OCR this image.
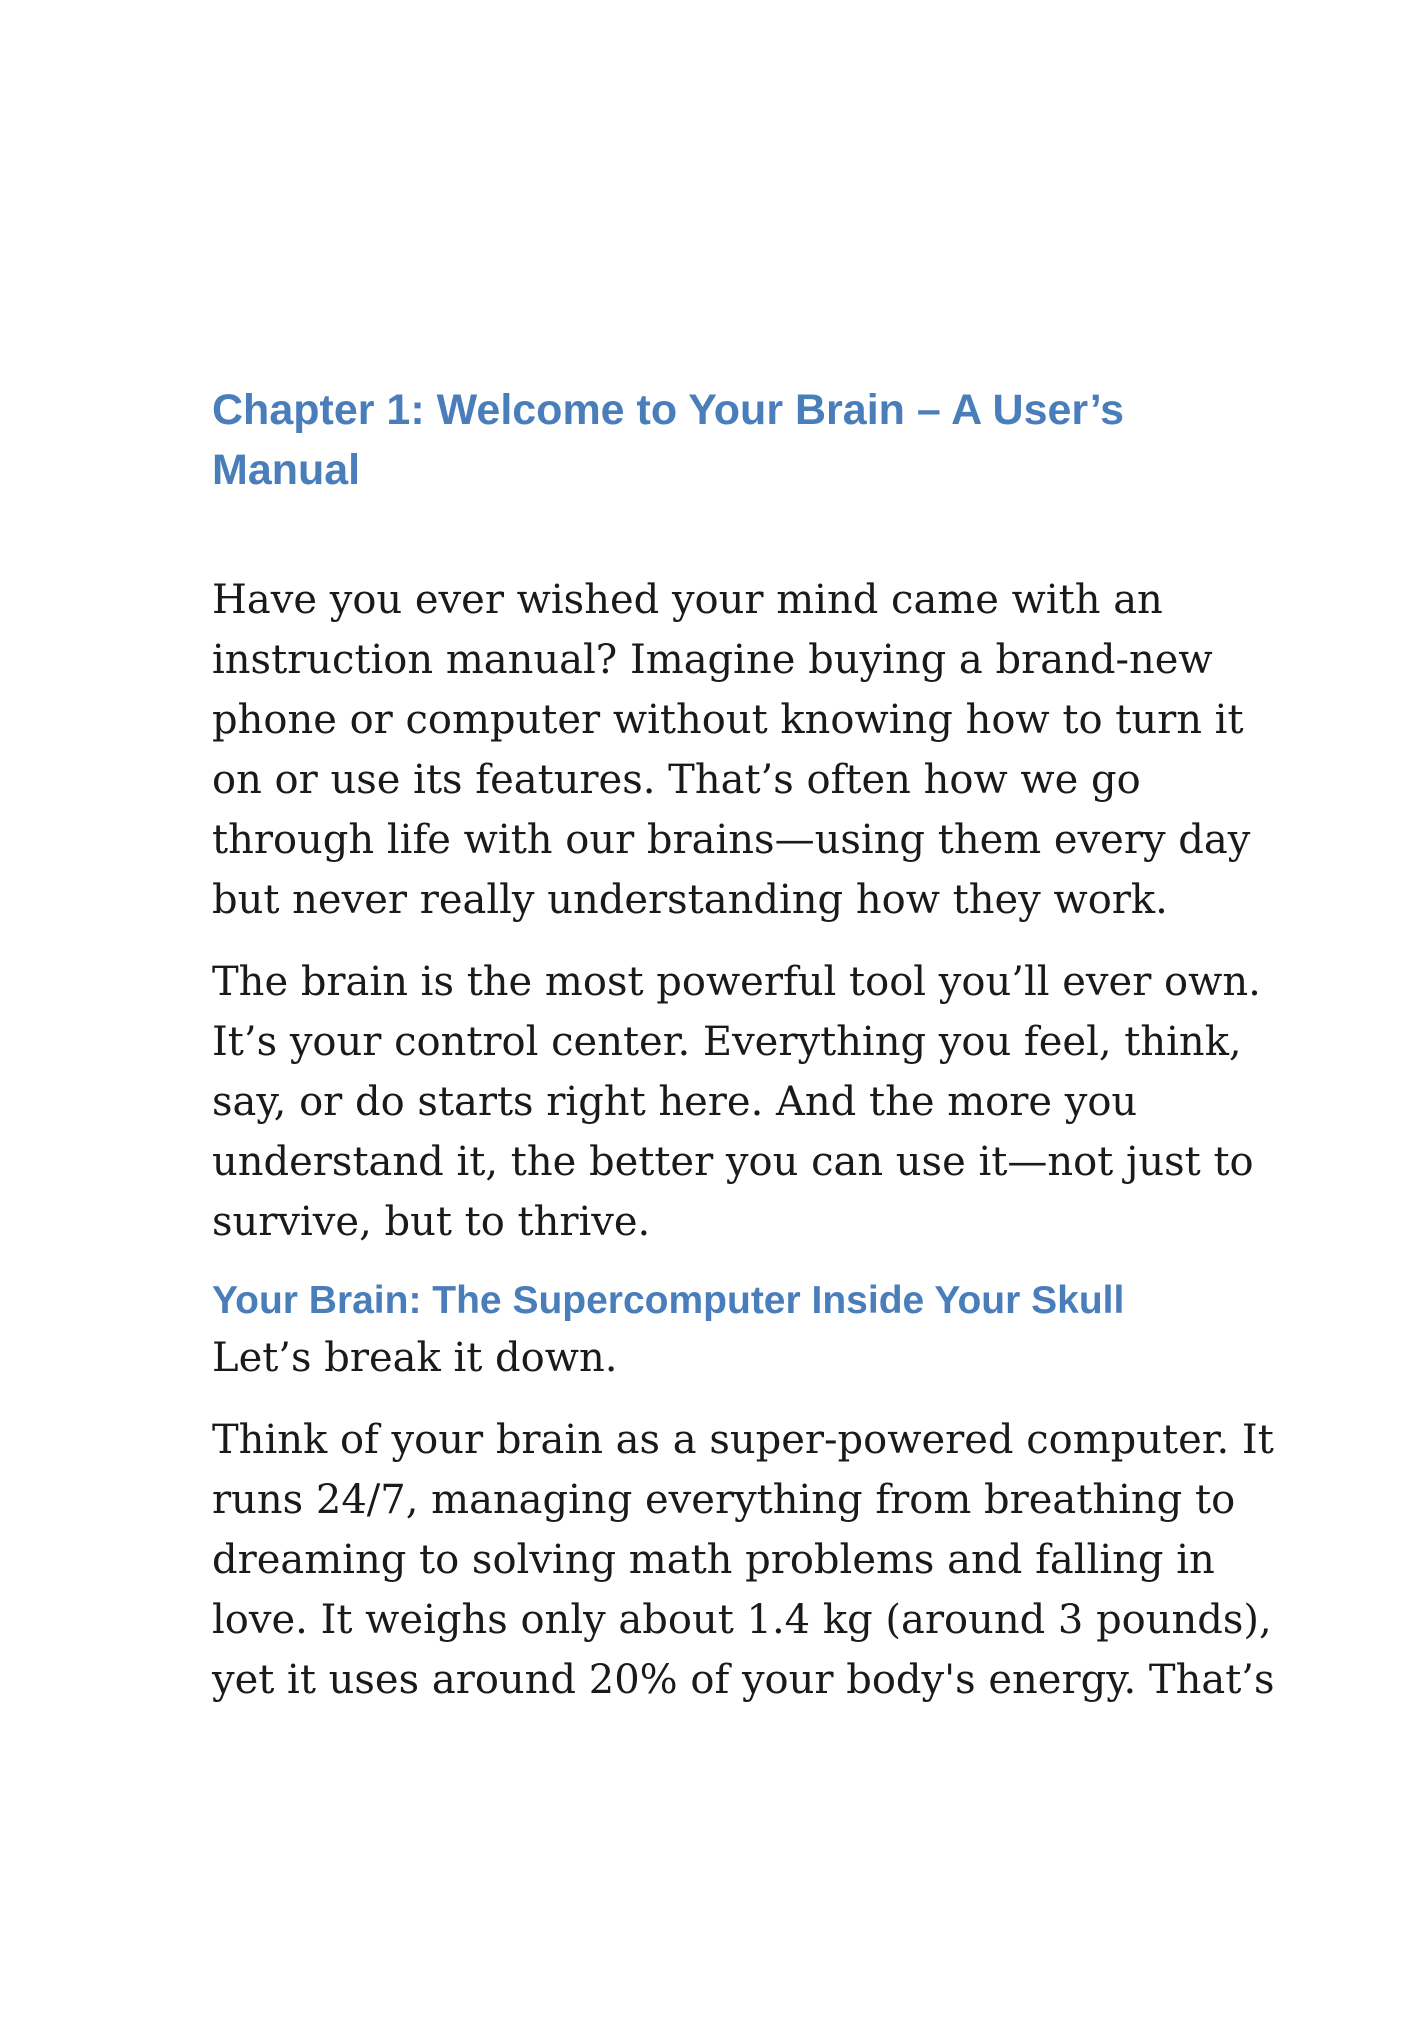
Chapter 1: Welcome to Your Brain – A User’s
Manual

Have you ever wished your mind came with an
instruction manual? Imagine buying a brand-new
phone or computer without knowing how to turn it
on or use its features. That’s often how we go
through life with our brains—using them every day
but never really understanding how they work.

The brain is the most powerful tool you’ll ever own.
It’s your control center. Everything you feel, think,
say, or do starts right here. And the more you
understand it, the better you can use it—not just to
survive, but to thrive.

Your Brain: The Supercomputer Inside Your Skull

Let’s break it down.

Think of your brain as a super-powered computer. It
runs 24/7, managing everything from breathing to
dreaming to solving math problems and falling in
love. It weighs only about 1.4 kg (around 3 pounds),
yet it uses around 20% of your body's energy. That’s
